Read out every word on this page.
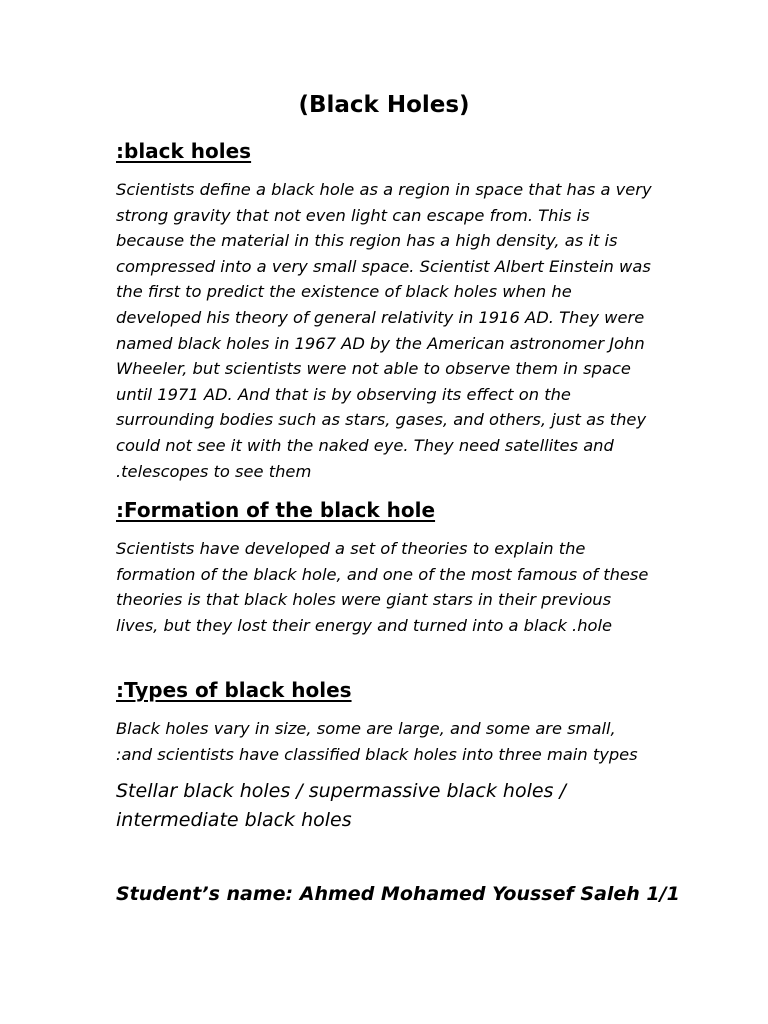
(Black Holes)
:black holes

Scientists define a black hole as a region in space that has a very strong gravity that not even light can escape from. This is because the material in this region has a high density, as it is compressed into a very small space. Scientist Albert Einstein was the first to predict the existence of black holes when he developed his theory of general relativity in 1916 AD. They were named black holes in 1967 AD by the American astronomer John Wheeler, but scientists were not able to observe them in space until 1971 AD. And that is by observing its effect on the surrounding bodies such as stars, gases, and others, just as they could not see it with the naked eye. They need satellites and .telescopes to see them

:Formation of the black hole

Scientists have developed a set of theories to explain the formation of the black hole, and one of the most famous of these theories is that black holes were giant stars in their previous lives, but they lost their energy and turned into a black .hole

:Types of black holes

Black holes vary in size, some are large, and some are small, :and scientists have classified black holes into three main types

Stellar black holes / supermassive black holes / intermediate black holes

Student’s name: Ahmed Mohamed Youssef Saleh 1/1
